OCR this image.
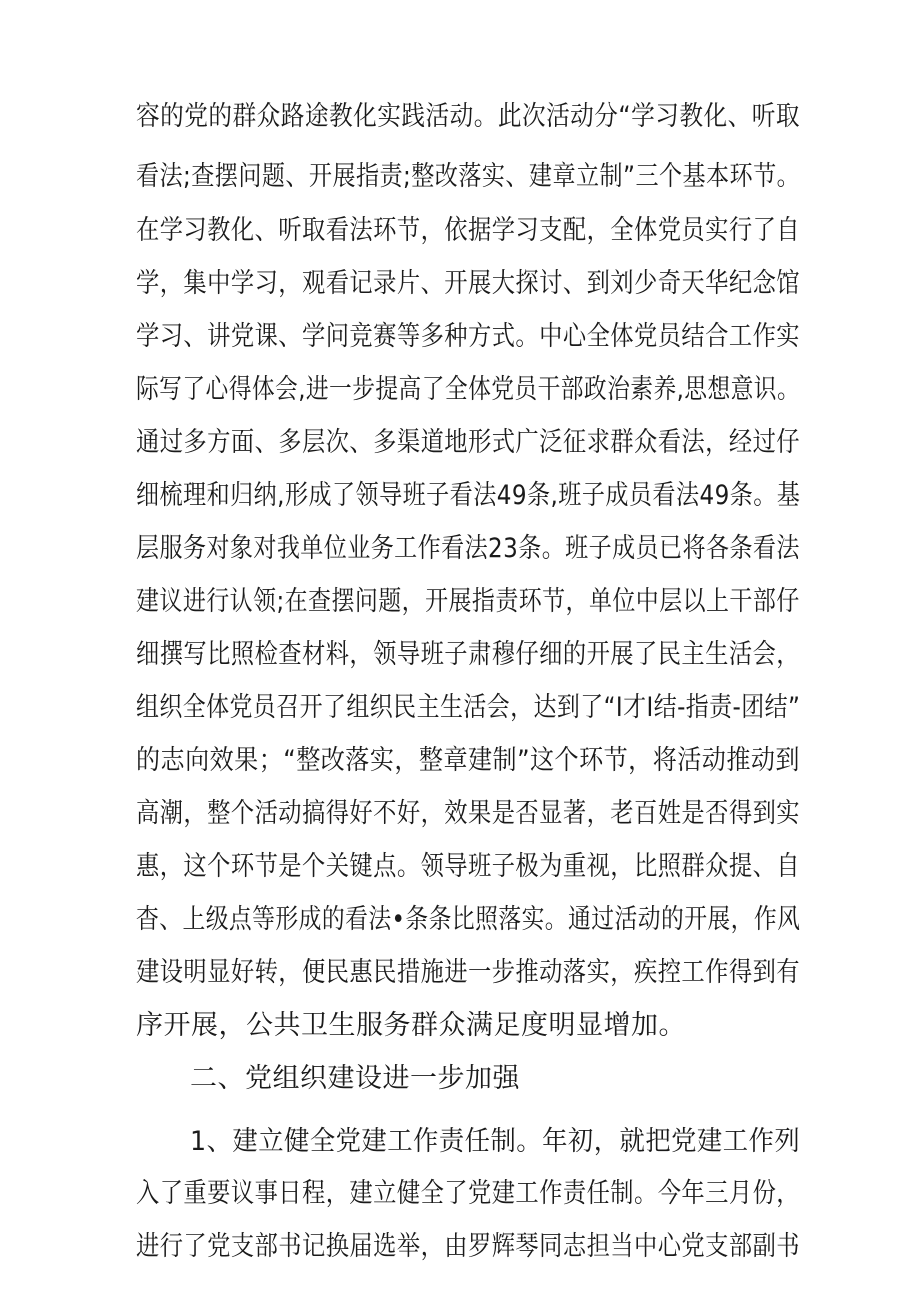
容的党的群众路途教化实践活动。此次活动分“学习教化、听取
看法;查摆问题、开展指责;整改落实、建章立制”三个基本环节。
在学习教化、听取看法环节，依据学习支配，全体党员实行了自
学，集中学习，观看记录片、开展大探讨、到刘少奇天华纪念馆
学习、讲党课、学问竞赛等多种方式。中心全体党员结合工作实
际写了心得体会,进一步提高了全体党员干部政治素养,思想意识。
通过多方面、多层次、多渠道地形式广泛征求群众看法，经过仔
细梳理和归纳,形成了领导班子看法49条,班子成员看法49条。基
层服务对象对我单位业务工作看法23条。班子成员已将各条看法
建议进行认领;在查摆问题，开展指责环节，单位中层以上干部仔
细撰写比照检查材料，领导班子肃穆仔细的开展了民主生活会，
组织全体党员召开了组织民主生活会，达到了“I才I结-指责-团结”
的志向效果；“整改落实，整章建制”这个环节，将活动推动到
高潮，整个活动搞得好不好，效果是否显著，老百姓是否得到实
惠，这个环节是个关键点。领导班子极为重视，比照群众提、自
杳、上级点等形成的看法•条条比照落实。通过活动的开展，作风
建设明显好转，便民惠民措施进一步推动落实，疾控工作得到有
序开展，公共卫生服务群众满足度明显增加。
二、党组织建设进一步加强
1、建立健全党建工作责任制。年初，就把党建工作列
入了重要议事日程，建立健全了党建工作责任制。今年三月份，
进行了党支部书记换届选举，由罗辉琴同志担当中心党支部副书
